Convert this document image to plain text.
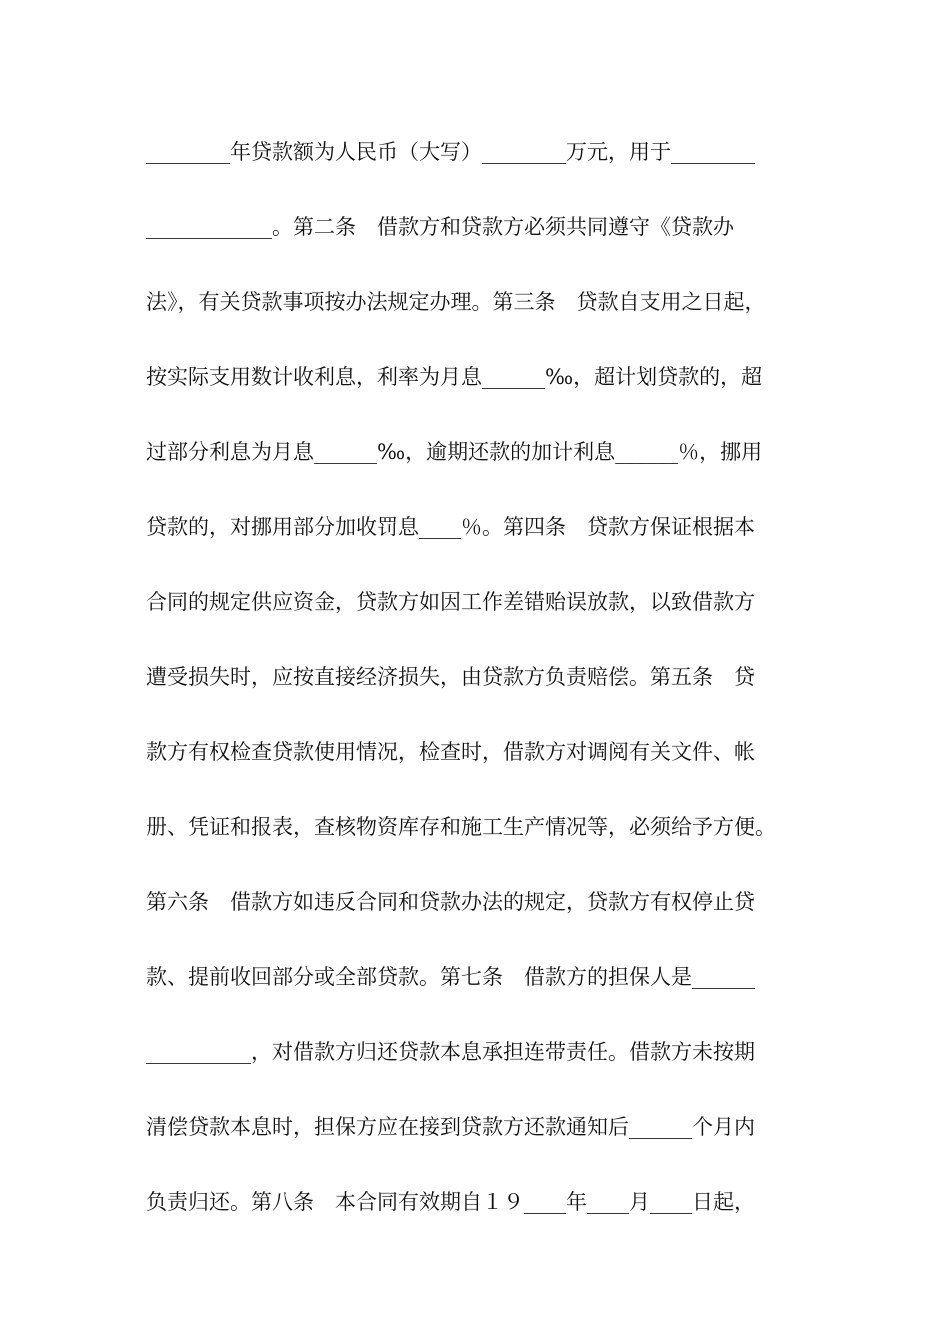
________年贷款额为人民币（大写）________万元，用于________
____________。第二条　借款方和贷款方必须共同遵守《贷款办
法》，有关贷款事项按办法规定办理。第三条　贷款自支用之日起，
按实际支用数计收利息，利率为月息______‰，超计划贷款的，超
过部分利息为月息______‰，逾期还款的加计利息______％，挪用
贷款的，对挪用部分加收罚息____％。第四条　贷款方保证根据本
合同的规定供应资金，贷款方如因工作差错贻误放款，以致借款方
遭受损失时，应按直接经济损失，由贷款方负责赔偿。第五条　贷
款方有权检查贷款使用情况，检查时，借款方对调阅有关文件、帐
册、凭证和报表，查核物资库存和施工生产情况等，必须给予方便。
第六条　借款方如违反合同和贷款办法的规定，贷款方有权停止贷
款、提前收回部分或全部贷款。第七条　借款方的担保人是______
__________，对借款方归还贷款本息承担连带责任。借款方未按期
清偿贷款本息时，担保方应在接到贷款方还款通知后______个月内
负责归还。第八条　本合同有效期自１９____年____月____日起，
